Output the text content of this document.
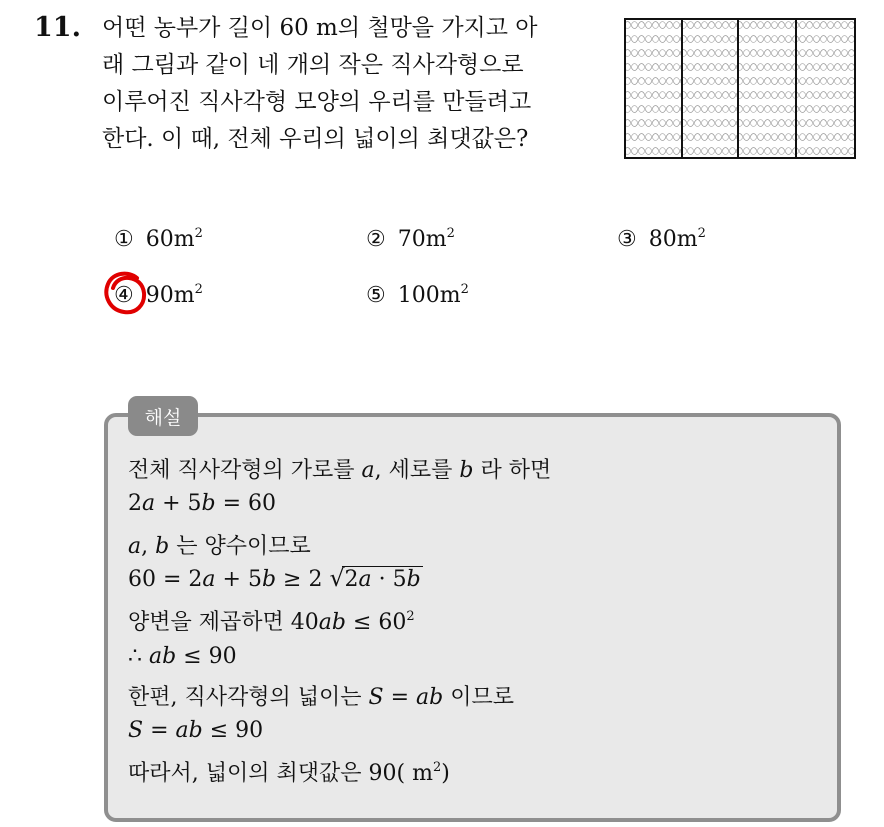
11. 어떤 농부가 길이 60 m의 철망을 가지고 아
래 그림과 같이 네 개의 작은 직사각형으로
이루어진 직사각형 모양의 우리를 만들려고
한다. 이 때, 전체 우리의 넓이의 최댓값은?
① $60m^2$	② $70m^2$	③ $80m^2$
④ $90m^2$	⑤ $100m^2$
해설
전체 직사각형의 가로를 a, 세로를 b 라 하면
2a + 5b = 60
a, b 는 양수이므로
60 = 2a + 5b ≥ 2 √ 2a · 5b
양변을 제곱하면 $40ab \le 60^2$
∴ ab ≤ 90
한편, 직사각형의 넓이는 S = ab 이므로
S = ab ≤ 90
따라서, 넓이의 최댓값은 90( $m^2$)
